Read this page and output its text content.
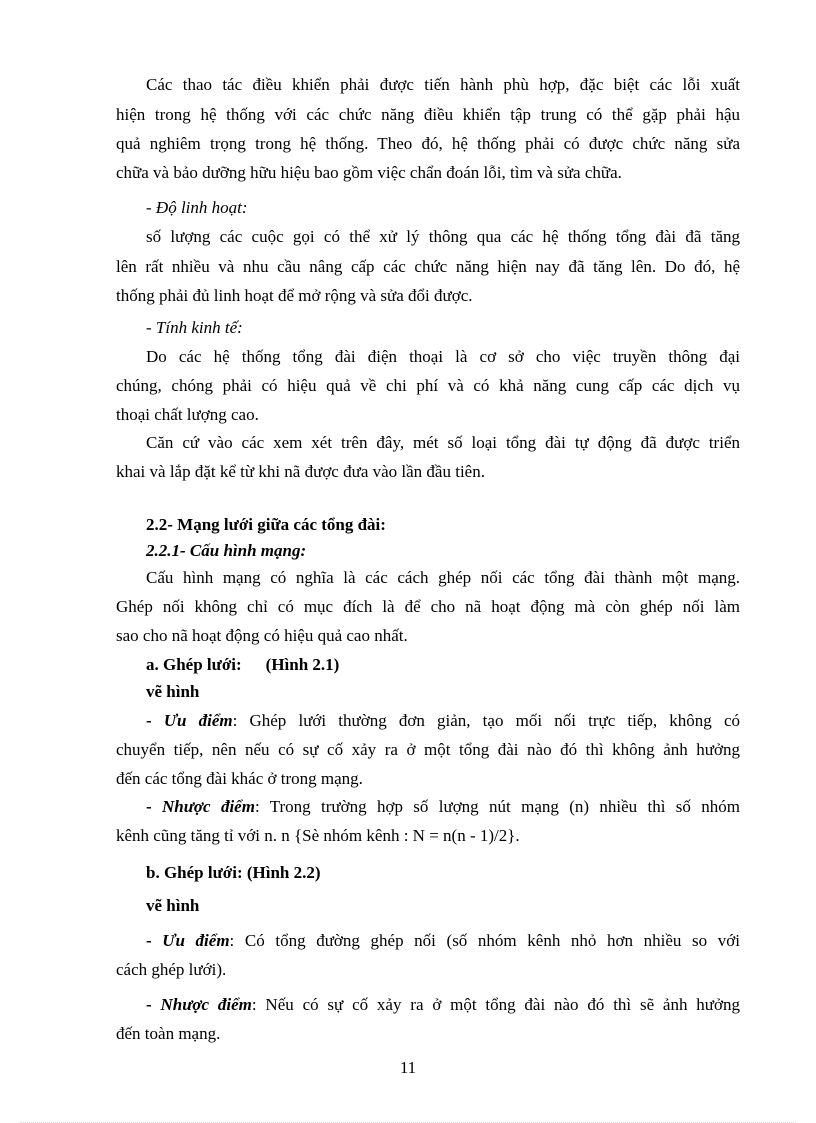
Các thao tác điều khiển phải được tiến hành phù hợp, đặc biệt các lỗi xuất
hiện trong hệ thống với các chức năng điều khiển tập trung có thể gặp phải hậu
quả nghiêm trọng trong hệ thống. Theo đó, hệ thống phải có được chức năng sửa
chữa và bảo dưỡng hữu hiệu bao gồm việc chẩn đoán lỗi, tìm và sửa chữa.
- Độ linh hoạt:
số lượng các cuộc gọi có thể xử lý thông qua các hệ thống tổng đài đã tăng
lên rất nhiều và nhu cầu nâng cấp các chức năng hiện nay đã tăng lên. Do đó, hệ
thống phải đủ linh hoạt để mở rộng và sửa đổi được.
- Tính kinh tế:
Do các hệ thống tổng đài điện thoại là cơ sở cho việc truyền thông đại
chúng, chóng phải có hiệu quả về chi phí và có khả năng cung cấp các dịch vụ
thoại chất lượng cao.
Căn cứ vào các xem xét trên đây, mét số loại tổng đài tự động đã được triển
khai và lắp đặt kể từ khi nã được đưa vào lần đầu tiên.
2.2- Mạng lưới giữa các tổng đài:
2.2.1- Cấu hình mạng:
Cấu hình mạng có nghĩa là các cách ghép nối các tổng đài thành một mạng.
Ghép nối không chỉ có mục đích là để cho nã hoạt động mà còn ghép nối làm
sao cho nã hoạt động có hiệu quả cao nhất.
a. Ghép lưới: (Hình 2.1)
vẽ hình
- Ưu điểm: Ghép lưới thường đơn giản, tạo mối nối trực tiếp, không có
chuyển tiếp, nên nếu có sự cố xảy ra ở một tổng đài nào đó thì không ảnh hưởng
đến các tổng đài khác ở trong mạng.
- Nhược điểm: Trong trường hợp số lượng nút mạng (n) nhiều thì số nhóm
kênh cũng tăng tỉ với n. n {Sè nhóm kênh : N = n(n - 1)/2}.
b. Ghép lưới: (Hình 2.2)
vẽ hình
- Ưu điểm: Có tổng đường ghép nối (số nhóm kênh nhỏ hơn nhiều so với
cách ghép lưới).
- Nhược điểm: Nếu có sự cố xảy ra ở một tổng đài nào đó thì sẽ ảnh hưởng
đến toàn mạng.
11
